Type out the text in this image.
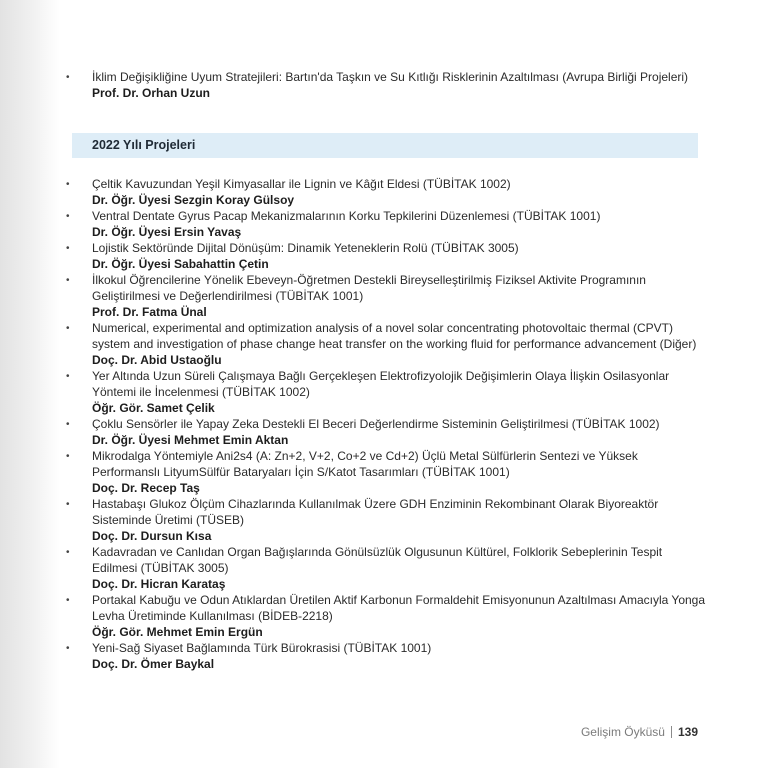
• İklim Değişikliğine Uyum Stratejileri: Bartın'da Taşkın ve Su Kıtlığı Risklerinin Azaltılması (Avrupa Birliği Projeleri)
Prof. Dr. Orhan Uzun
2022 Yılı Projeleri
• Çeltik Kavuzundan Yeşil Kimyasallar ile Lignin ve Kâğıt Eldesi (TÜBİTAK 1002)
Dr. Öğr. Üyesi Sezgin Koray Gülsoy
• Ventral Dentate Gyrus Pacap Mekanizmalarının Korku Tepkilerini Düzenlemesi (TÜBİTAK 1001)
Dr. Öğr. Üyesi Ersin Yavaş
• Lojistik Sektöründe Dijital Dönüşüm: Dinamik Yeteneklerin Rolü (TÜBİTAK 3005)
Dr. Öğr. Üyesi Sabahattin Çetin
• İlkokul Öğrencilerine Yönelik Ebeveyn-Öğretmen Destekli Bireyselleştirilmiş Fiziksel Aktivite Programının Geliştirilmesi ve Değerlendirilmesi (TÜBİTAK 1001)
Prof. Dr. Fatma Ünal
• Numerical, experimental and optimization analysis of a novel solar concentrating photovoltaic thermal (CPVT) system and investigation of phase change heat transfer on the working fluid for performance advancement (Diğer)
Doç. Dr. Abid Ustaoğlu
• Yer Altında Uzun Süreli Çalışmaya Bağlı Gerçekleşen Elektrofizyolojik Değişimlerin Olaya İlişkin Osilasyonlar Yöntemi ile İncelenmesi (TÜBİTAK 1002)
Öğr. Gör. Samet Çelik
• Çoklu Sensörler ile Yapay Zeka Destekli El Beceri Değerlendirme Sisteminin Geliştirilmesi (TÜBİTAK 1002)
Dr. Öğr. Üyesi Mehmet Emin Aktan
• Mikrodalga Yöntemiyle Ani2s4 (A: Zn+2, V+2, Co+2 ve Cd+2) Üçlü Metal Sülfürlerin Sentezi ve Yüksek Performanslı LityumSülfür Bataryaları İçin S/Katot Tasarımları (TÜBİTAK 1001)
Doç. Dr. Recep Taş
• Hastabaşı Glukoz Ölçüm Cihazlarında Kullanılmak Üzere GDH Enziminin Rekombinant Olarak Biyoreaktör Sisteminde Üretimi (TÜSEB)
Doç. Dr. Dursun Kısa
• Kadavradan ve Canlıdan Organ Bağışlarında Gönülsüzlük Olgusunun Kültürel, Folklorik Sebeplerinin Tespit Edilmesi (TÜBİTAK 3005)
Doç. Dr. Hicran Karataş
• Portakal Kabuğu ve Odun Atıklardan Üretilen Aktif Karbonun Formaldehit Emisyonunun Azaltılması Amacıyla Yonga Levha Üretiminde Kullanılması (BİDEB-2218)
Öğr. Gör. Mehmet Emin Ergün
• Yeni-Sağ Siyaset Bağlamında Türk Bürokrasisi (TÜBİTAK 1001)
Doç. Dr. Ömer Baykal
Gelişim Öyküsü 139
